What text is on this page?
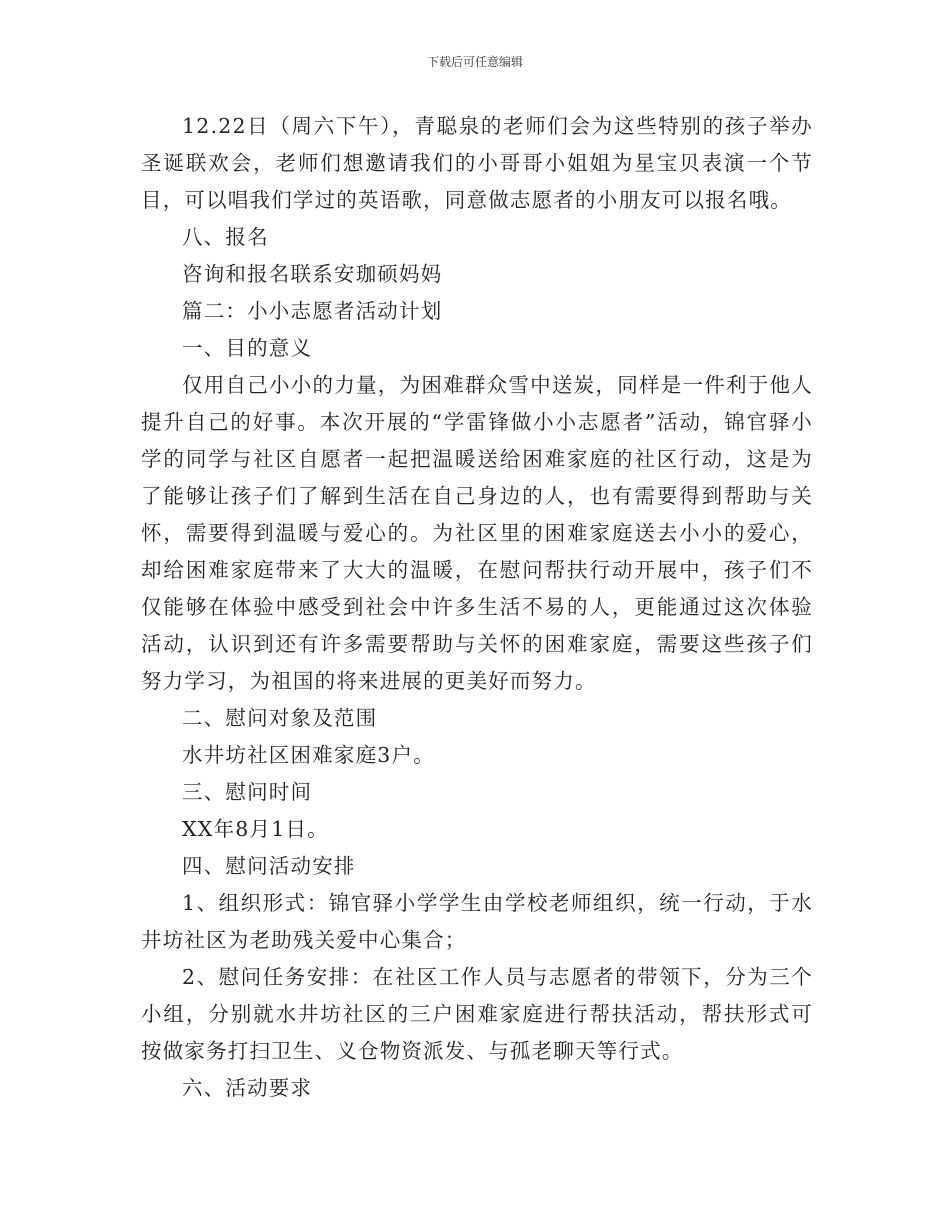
下载后可任意编辑

12.22日（周六下午），青聪泉的老师们会为这些特别的孩子举办圣诞联欢会，老师们想邀请我们的小哥哥小姐姐为星宝贝表演一个节目，可以唱我们学过的英语歌，同意做志愿者的小朋友可以报名哦。

八、报名

咨询和报名联系安珈硕妈妈

篇二：小小志愿者活动计划

一、目的意义

仅用自己小小的力量，为困难群众雪中送炭，同样是一件利于他人提升自己的好事。本次开展的“学雷锋做小小志愿者”活动，锦官驿小学的同学与社区自愿者一起把温暖送给困难家庭的社区行动，这是为了能够让孩子们了解到生活在自己身边的人，也有需要得到帮助与关怀，需要得到温暖与爱心的。为社区里的困难家庭送去小小的爱心，却给困难家庭带来了大大的温暖，在慰问帮扶行动开展中，孩子们不仅能够在体验中感受到社会中许多生活不易的人，更能通过这次体验活动，认识到还有许多需要帮助与关怀的困难家庭，需要这些孩子们努力学习，为祖国的将来进展的更美好而努力。

二、慰问对象及范围

水井坊社区困难家庭3户。

三、慰问时间

XX年8月1日。

四、慰问活动安排

1、组织形式：锦官驿小学学生由学校老师组织，统一行动，于水井坊社区为老助残关爱中心集合；

2、慰问任务安排：在社区工作人员与志愿者的带领下，分为三个小组，分别就水井坊社区的三户困难家庭进行帮扶活动，帮扶形式可按做家务打扫卫生、义仓物资派发、与孤老聊天等行式。

六、活动要求
